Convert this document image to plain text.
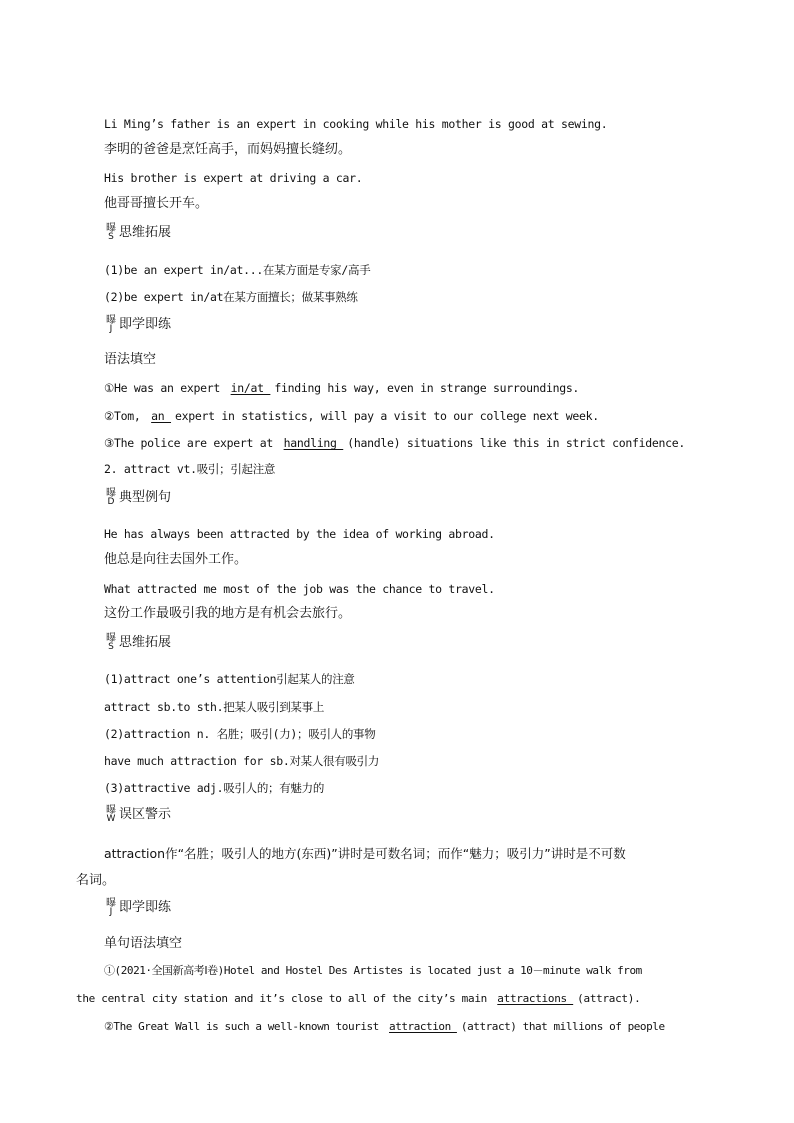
Li Ming’s father is an expert in cooking while his mother is good at sewing.
李明的爸爸是烹饪高手，而妈妈擅长缝纫。
His brother is expert at driving a car.
他哥哥擅长开车。
曝
S 思维拓展
(1)be an expert in/at...在某方面是专家/高手
(2)be expert in/at在某方面擅长；做某事熟练
曝
J 即学即练
语法填空
①He was an expert in/at finding his way, even in strange surroundings.
②Tom, an expert in statistics, will pay a visit to our college next week.
③The police are expert at handling (handle) situations like this in strict confidence.
2. attract vt.吸引；引起注意
曝
D 典型例句
He has always been attracted by the idea of working abroad.
他总是向往去国外工作。
What attracted me most of the job was the chance to travel.
这份工作最吸引我的地方是有机会去旅行。
曝
S 思维拓展
(1)attract one’s attention引起某人的注意
attract sb.to sth.把某人吸引到某事上
(2)attraction n. 名胜；吸引(力)；吸引人的事物
have much attraction for sb.对某人很有吸引力
(3)attractive adj.吸引人的；有魅力的
曝
W 误区警示
attraction作“名胜；吸引人的地方(东西)”讲时是可数名词；而作“魅力；吸引力”讲时是不可数
名词。
曝
J 即学即练
单句语法填空
①(2021·全国新高考Ⅰ卷)Hotel and Hostel Des Artistes is located just a 10－minute walk from
the central city station and it’s close to all of the city’s main attractions (attract).
②The Great Wall is such a well-known tourist attraction (attract) that millions of people
